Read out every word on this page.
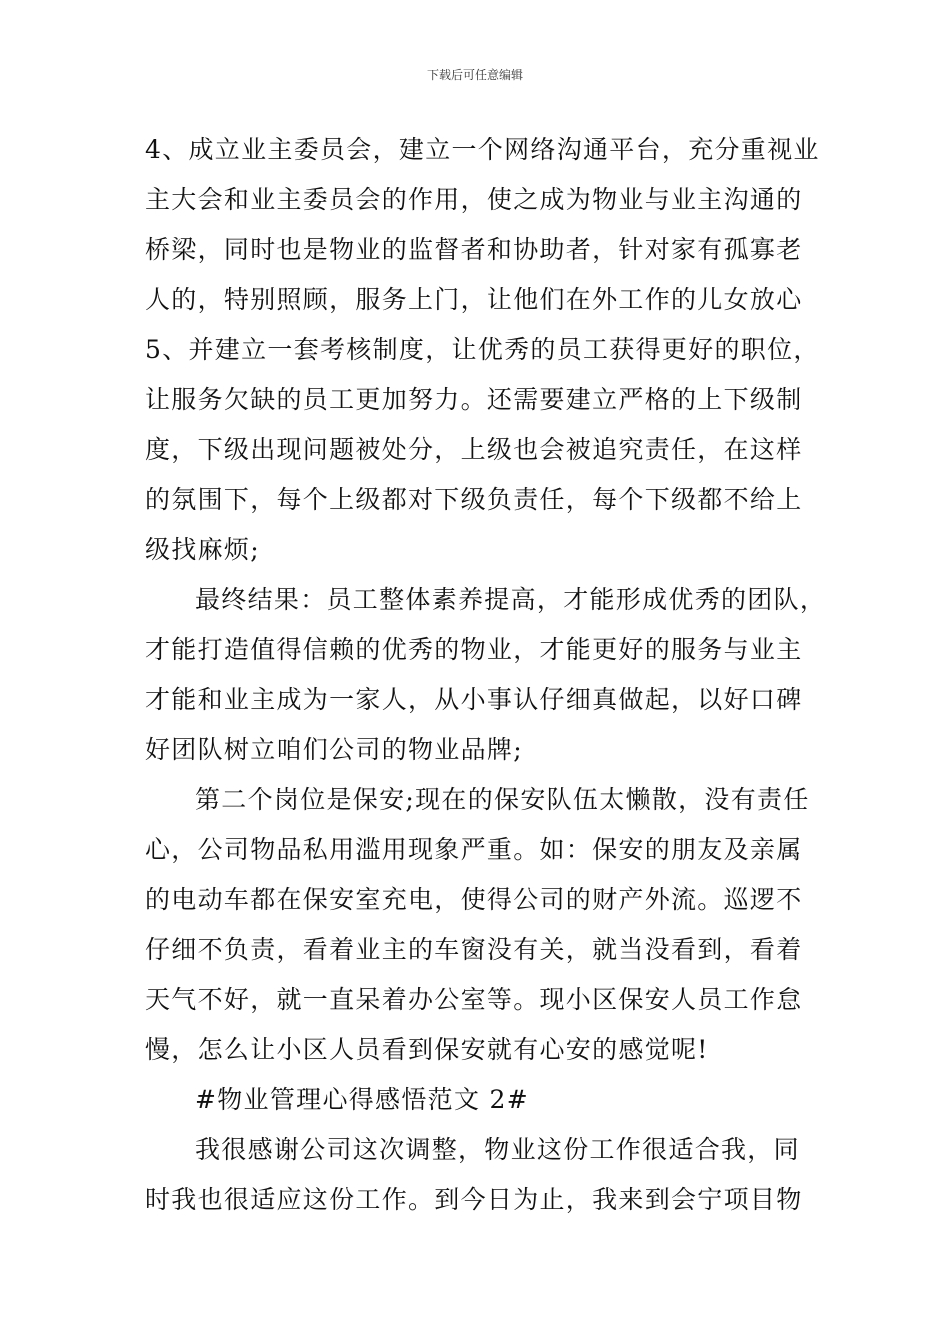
下载后可任意编辑
4、成立业主委员会，建立一个网络沟通平台，充分重视业
主大会和业主委员会的作用，使之成为物业与业主沟通的
桥梁，同时也是物业的监督者和协助者，针对家有孤寡老
人的，特别照顾，服务上门，让他们在外工作的儿女放心
5、并建立一套考核制度，让优秀的员工获得更好的职位，
让服务欠缺的员工更加努力。还需要建立严格的上下级制
度，下级出现问题被处分，上级也会被追究责任，在这样
的氛围下，每个上级都对下级负责任，每个下级都不给上
级找麻烦;
最终结果：员工整体素养提高，才能形成优秀的团队，
才能打造值得信赖的优秀的物业，才能更好的服务与业主
才能和业主成为一家人，从小事认仔细真做起，以好口碑
好团队树立咱们公司的物业品牌;
第二个岗位是保安;现在的保安队伍太懒散，没有责任
心，公司物品私用滥用现象严重。如：保安的朋友及亲属
的电动车都在保安室充电，使得公司的财产外流。巡逻不
仔细不负责，看着业主的车窗没有关，就当没看到，看着
天气不好，就一直呆着办公室等。现小区保安人员工作怠
慢，怎么让小区人员看到保安就有心安的感觉呢!
#物业管理心得感悟范文 2#
我很感谢公司这次调整，物业这份工作很适合我，同
时我也很适应这份工作。到今日为止，我来到会宁项目物
